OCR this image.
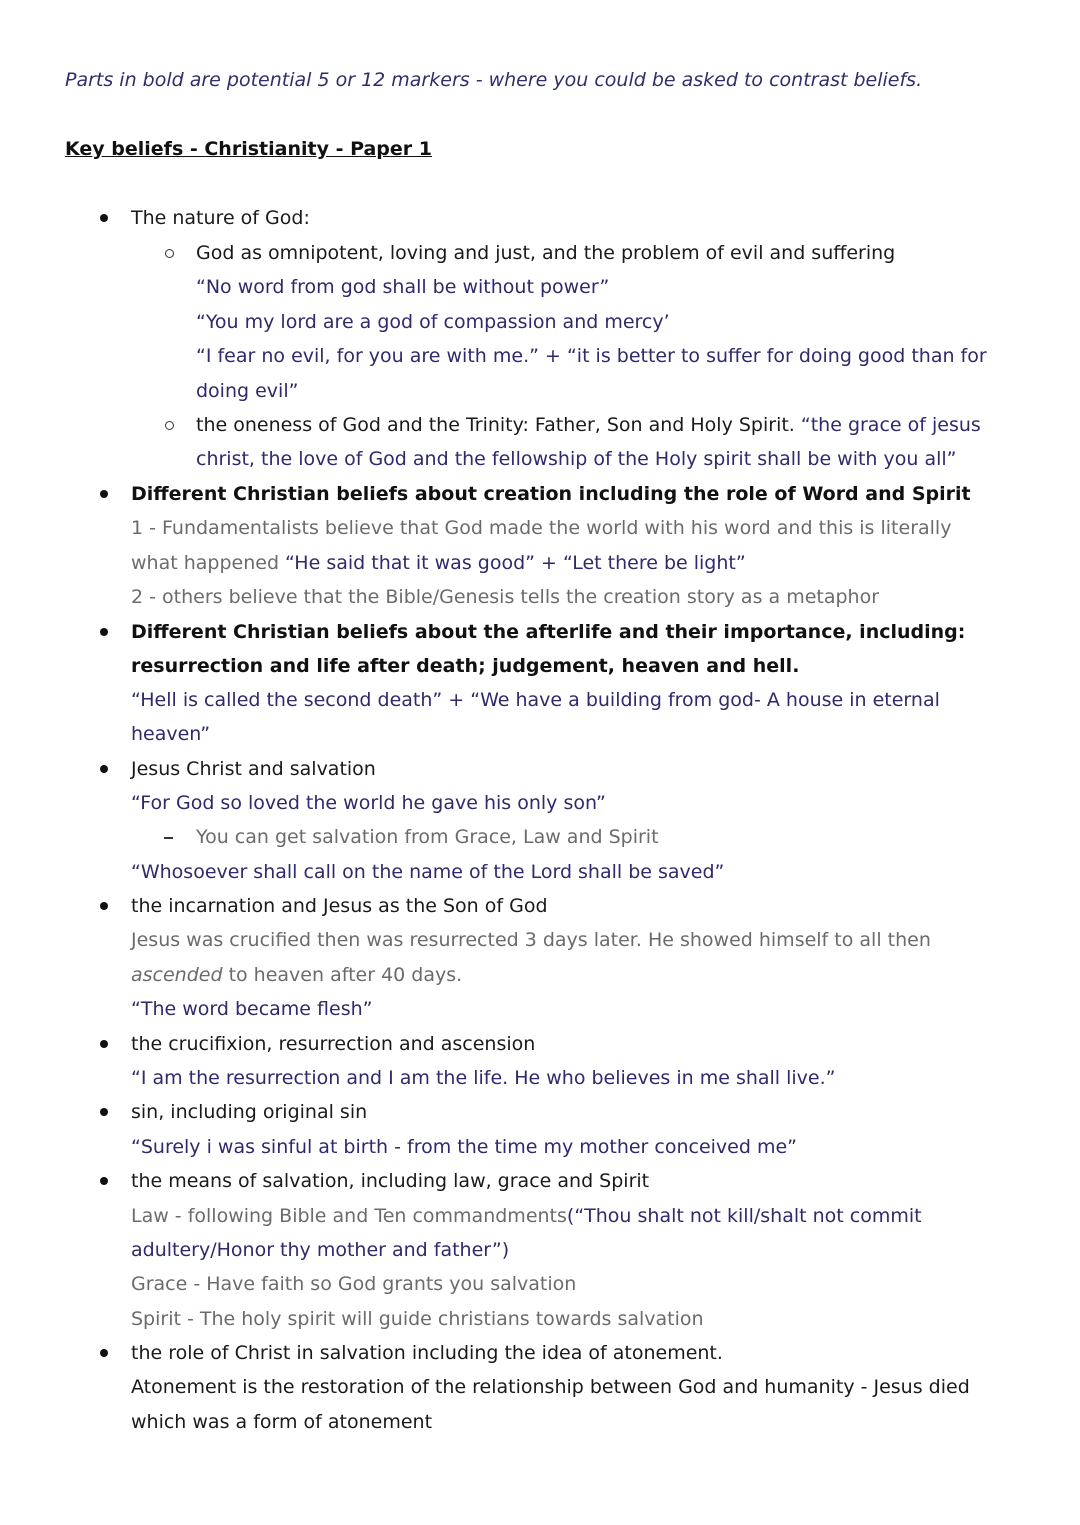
Parts in bold are potential 5 or 12 markers - where you could be asked to contrast beliefs.
Key beliefs - Christianity - Paper 1
The nature of God:
God as omnipotent, loving and just, and the problem of evil and suffering
“No word from god shall be without power”
“You my lord are a god of compassion and mercy’
“I fear no evil, for you are with me.” + “it is better to suffer for doing good than for
doing evil”
the oneness of God and the Trinity: Father, Son and Holy Spirit. “the grace of jesus
christ, the love of God and the fellowship of the Holy spirit shall be with you all”
Different Christian beliefs about creation including the role of Word and Spirit
1 - Fundamentalists believe that God made the world with his word and this is literally
what happened “He said that it was good” + “Let there be light”
2 - others believe that the Bible/Genesis tells the creation story as a metaphor
Different Christian beliefs about the afterlife and their importance, including:
resurrection and life after death; judgement, heaven and hell.
“Hell is called the second death” + “We have a building from god- A house in eternal
heaven”
Jesus Christ and salvation
“For God so loved the world he gave his only son”
You can get salvation from Grace, Law and Spirit
“Whosoever shall call on the name of the Lord shall be saved”
the incarnation and Jesus as the Son of God
Jesus was crucified then was resurrected 3 days later. He showed himself to all then
ascended to heaven after 40 days.
“The word became flesh”
the crucifixion, resurrection and ascension
“I am the resurrection and I am the life. He who believes in me shall live.”
sin, including original sin
“Surely i was sinful at birth - from the time my mother conceived me”
the means of salvation, including law, grace and Spirit
Law - following Bible and Ten commandments(“Thou shalt not kill/shalt not commit
adultery/Honor thy mother and father”)
Grace - Have faith so God grants you salvation
Spirit - The holy spirit will guide christians towards salvation
the role of Christ in salvation including the idea of atonement.
Atonement is the restoration of the relationship between God and humanity - Jesus died
which was a form of atonement
